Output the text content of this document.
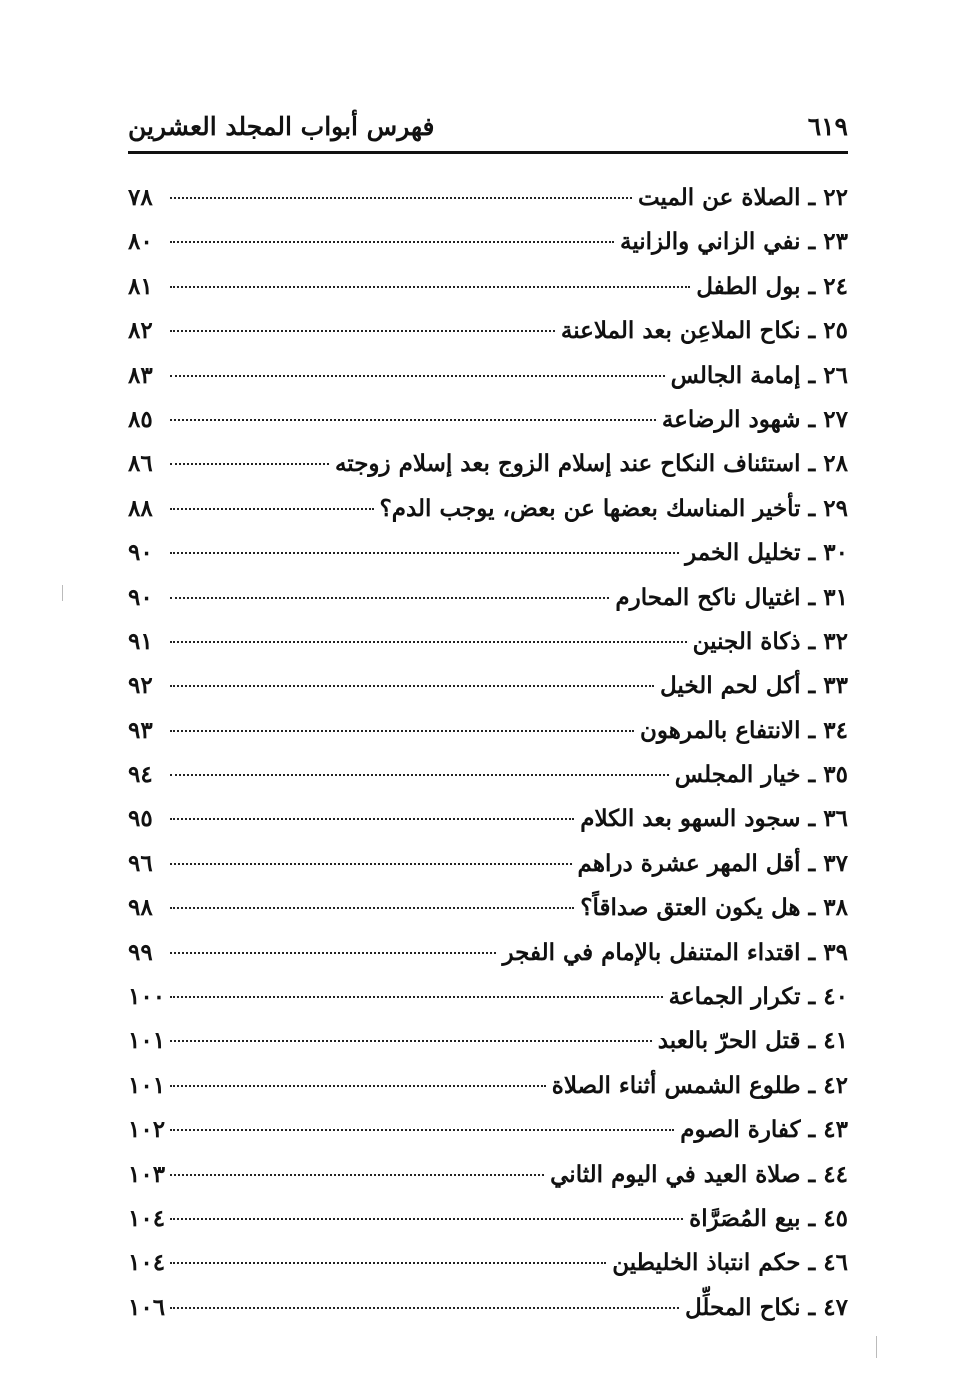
فهرس أبواب المجلد العشرين	٦١٩
٢٢ ـ الصلاة عن الميت
٧٨
٢٣ ـ نفي الزاني والزانية
٨٠
٢٤ ـ بول الطفل
٨١
٢٥ ـ نكاح الملاعِن بعد الملاعنة
٨٢
٢٦ ـ إمامة الجالس
٨٣
٢٧ ـ شهود الرضاعة
٨٥
٢٨ ـ استئناف النكاح عند إسلام الزوج بعد إسلام زوجته
٨٦
٢٩ ـ تأخير المناسك بعضها عن بعض، يوجب الدم؟
٨٨
٣٠ ـ تخليل الخمر
٩٠
٣١ ـ اغتيال ناكح المحارم
٩٠
٣٢ ـ ذكاة الجنين
٩١
٣٣ ـ أكل لحم الخيل
٩٢
٣٤ ـ الانتفاع بالمرهون
٩٣
٣٥ ـ خيار المجلس
٩٤
٣٦ ـ سجود السهو بعد الكلام
٩٥
٣٧ ـ أقل المهر عشرة دراهم
٩٦
٣٨ ـ هل يكون العتق صداقاً؟
٩٨
٣٩ ـ اقتداء المتنفل بالإمام في الفجر
٩٩
٤٠ ـ تكرار الجماعة
١٠٠
٤١ ـ قتل الحرّ بالعبد
١٠١
٤٢ ـ طلوع الشمس أثناء الصلاة
١٠١
٤٣ ـ كفارة الصوم
١٠٢
٤٤ ـ صلاة العيد في اليوم الثاني
١٠٣
٤٥ ـ بيع المُصَرَّاة
١٠٤
٤٦ ـ حكم انتباذ الخليطين
١٠٤
٤٧ ـ نكاح المحلِّل
١٠٦
